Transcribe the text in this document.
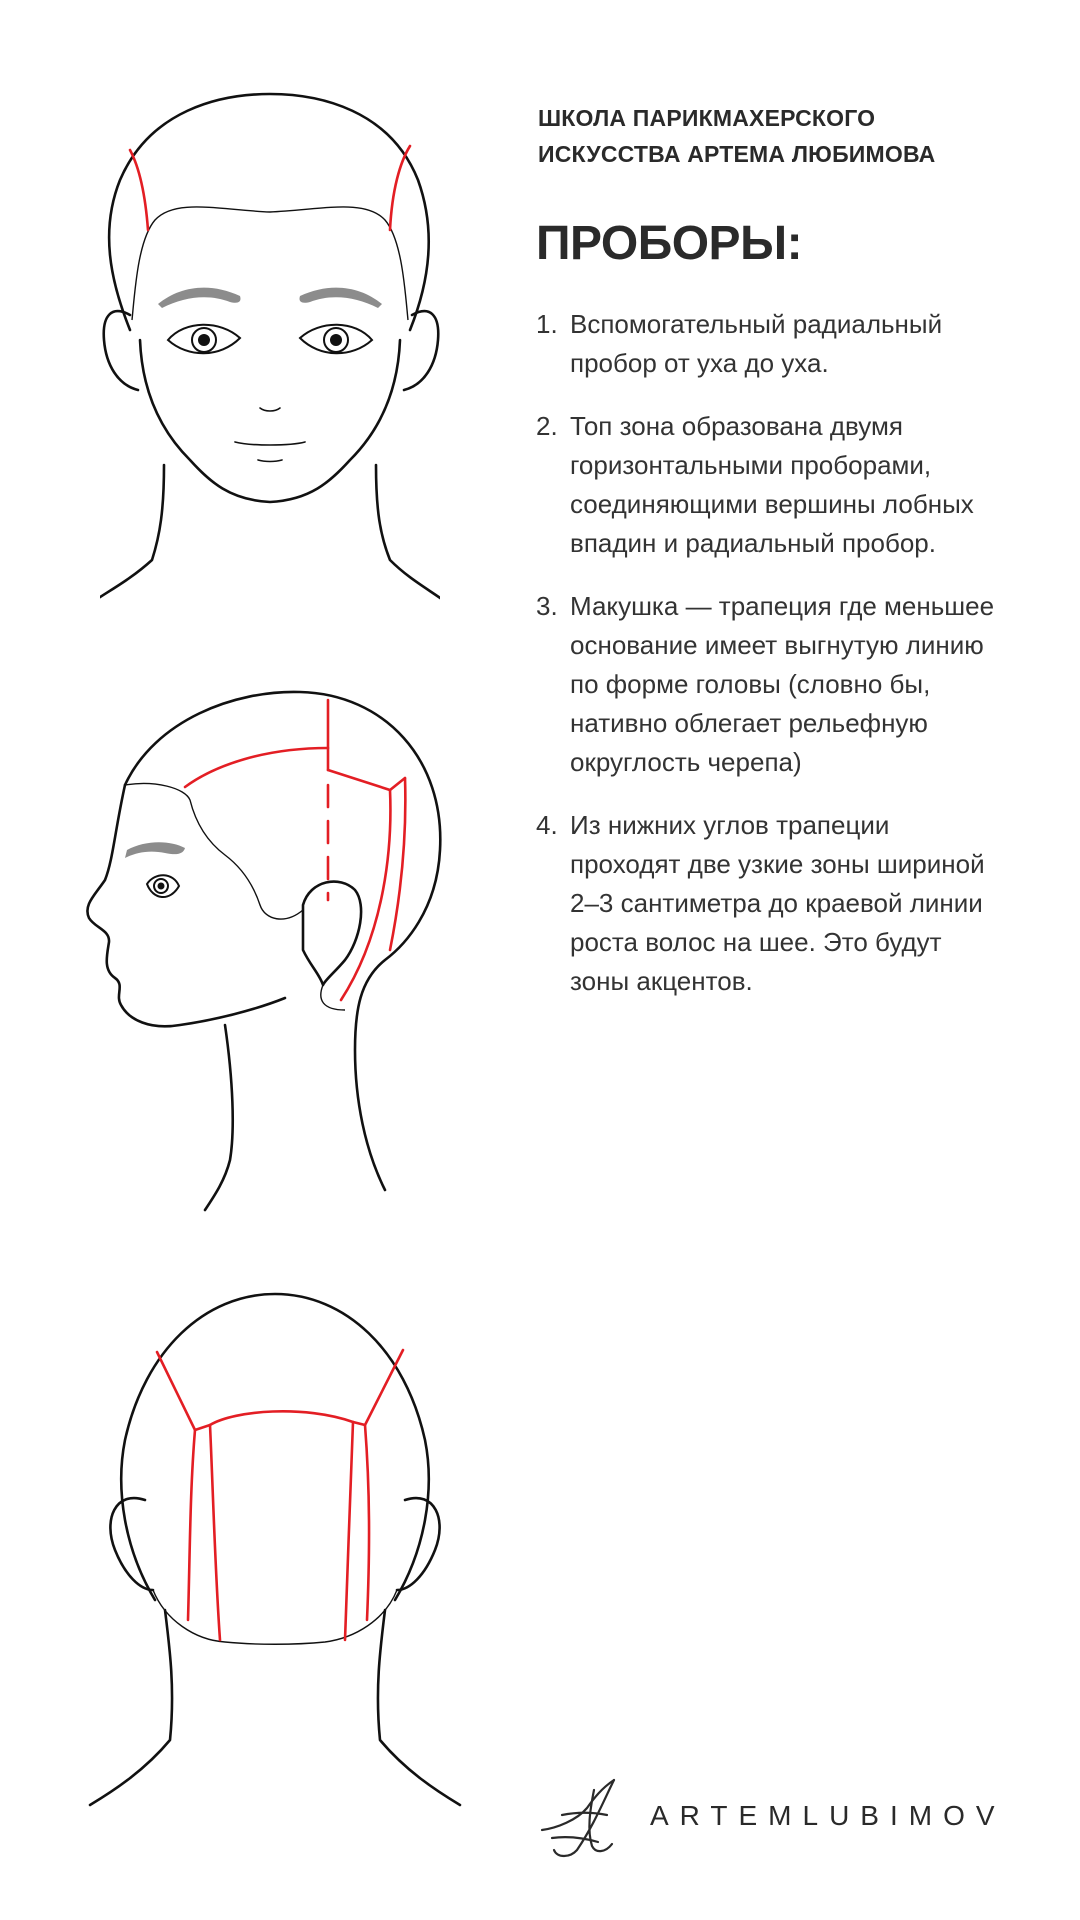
ШКОЛА ПАРИКМАХЕРСКОГО
ИСКУССТВА АРТЕМА ЛЮБИМОВА
ПРОБОРЫ:
1. Вспомогательный радиальный
пробор от уха до уха.
2. Топ зона образована двумя
горизонтальными проборами,
соединяющими вершины лобных
впадин и радиальный пробор.
3. Макушка — трапеция где меньшее
основание имеет выгнутую линию
по форме головы (словно бы,
нативно облегает рельефную
округлость черепа)
4. Из нижних углов трапеции
проходят две узкие зоны шириной
2–3 сантиметра до краевой линии
роста волос на шее. Это будут
зоны акцентов.
ARTEMLUBIMOV
